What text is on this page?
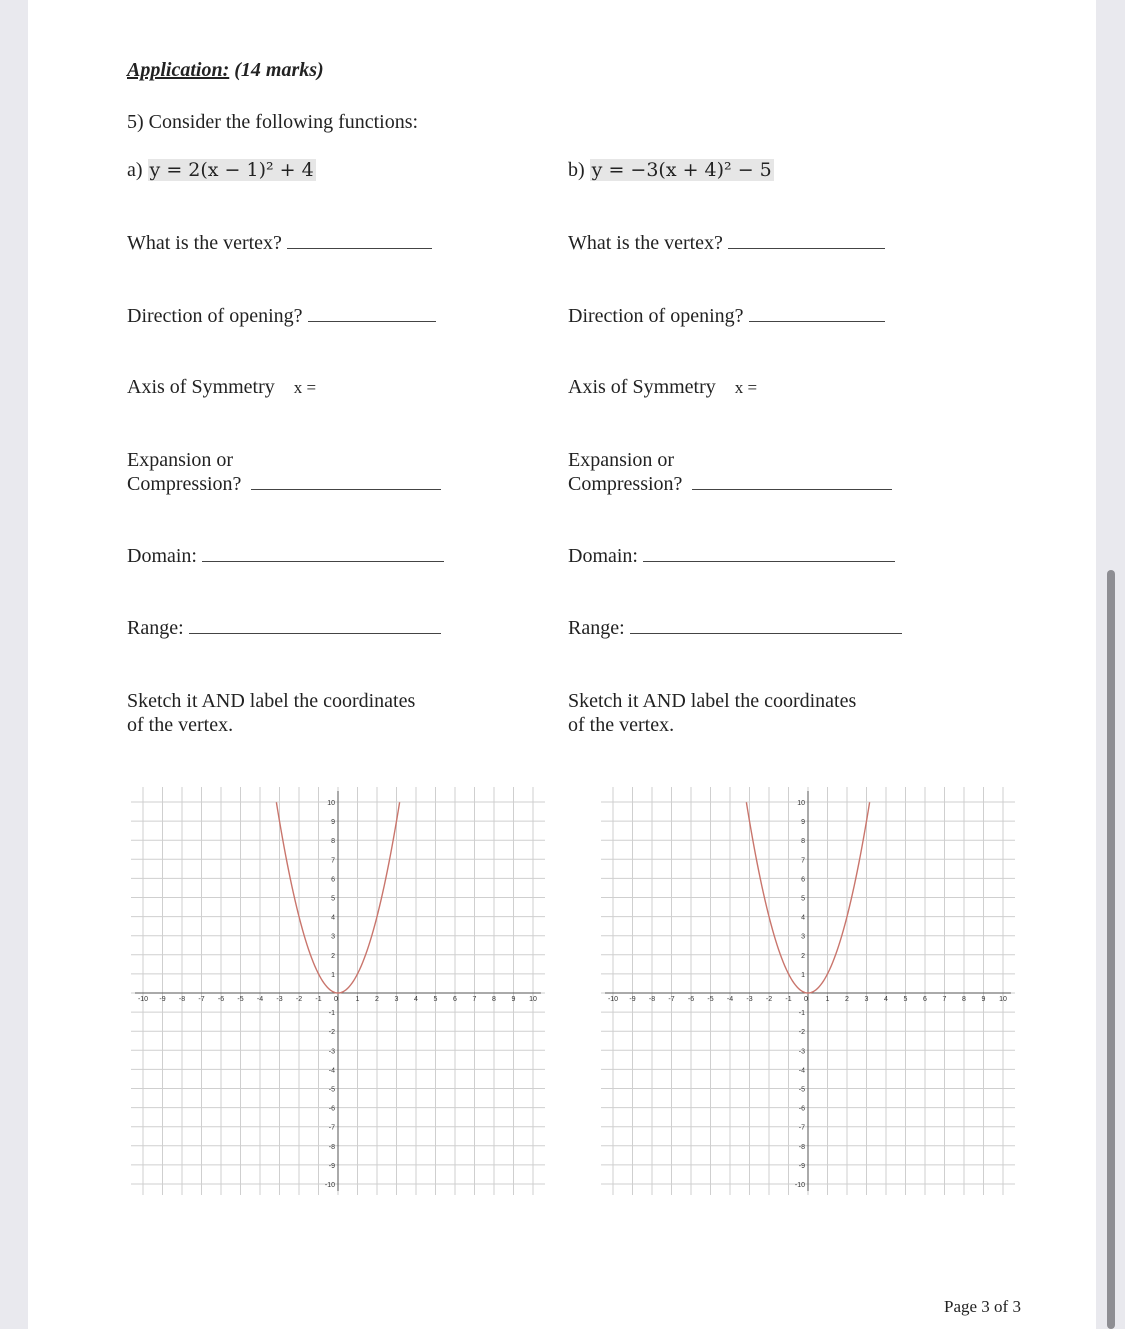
Application: (14 marks)
5) Consider the following functions:
a) y = 2(x − 1)² + 4
What is the vertex?
Direction of opening?
Axis of Symmetry x =
Expansion or
Compression?
Domain:
Range:
Sketch it AND label the coordinates
of the vertex.
b) y = −3(x + 4)² − 5
What is the vertex?
Direction of opening?
Axis of Symmetry x =
Expansion or
Compression?
Domain:
Range:
Sketch it AND label the coordinates
of the vertex.
-10 -9 -8 -7 -6 -5 -4 -3 -2 -1 0	1 2 3 4 5 6 7 8 9 10
10
9
8
7
6
5
4
3
2
1
-1
-2
-3
-4
-5
-6
-7
-8
-9
-10
-10 -9 -8 -7 -6 -5 -4 -3 -2 -1 0	1 2 3 4 5 6 7 8 9 10
10
9
8
7
6
5
4
3
2
1
-1
-2
-3
-4
-5
-6
-7
-8
-9
-10
Page 3 of 3
